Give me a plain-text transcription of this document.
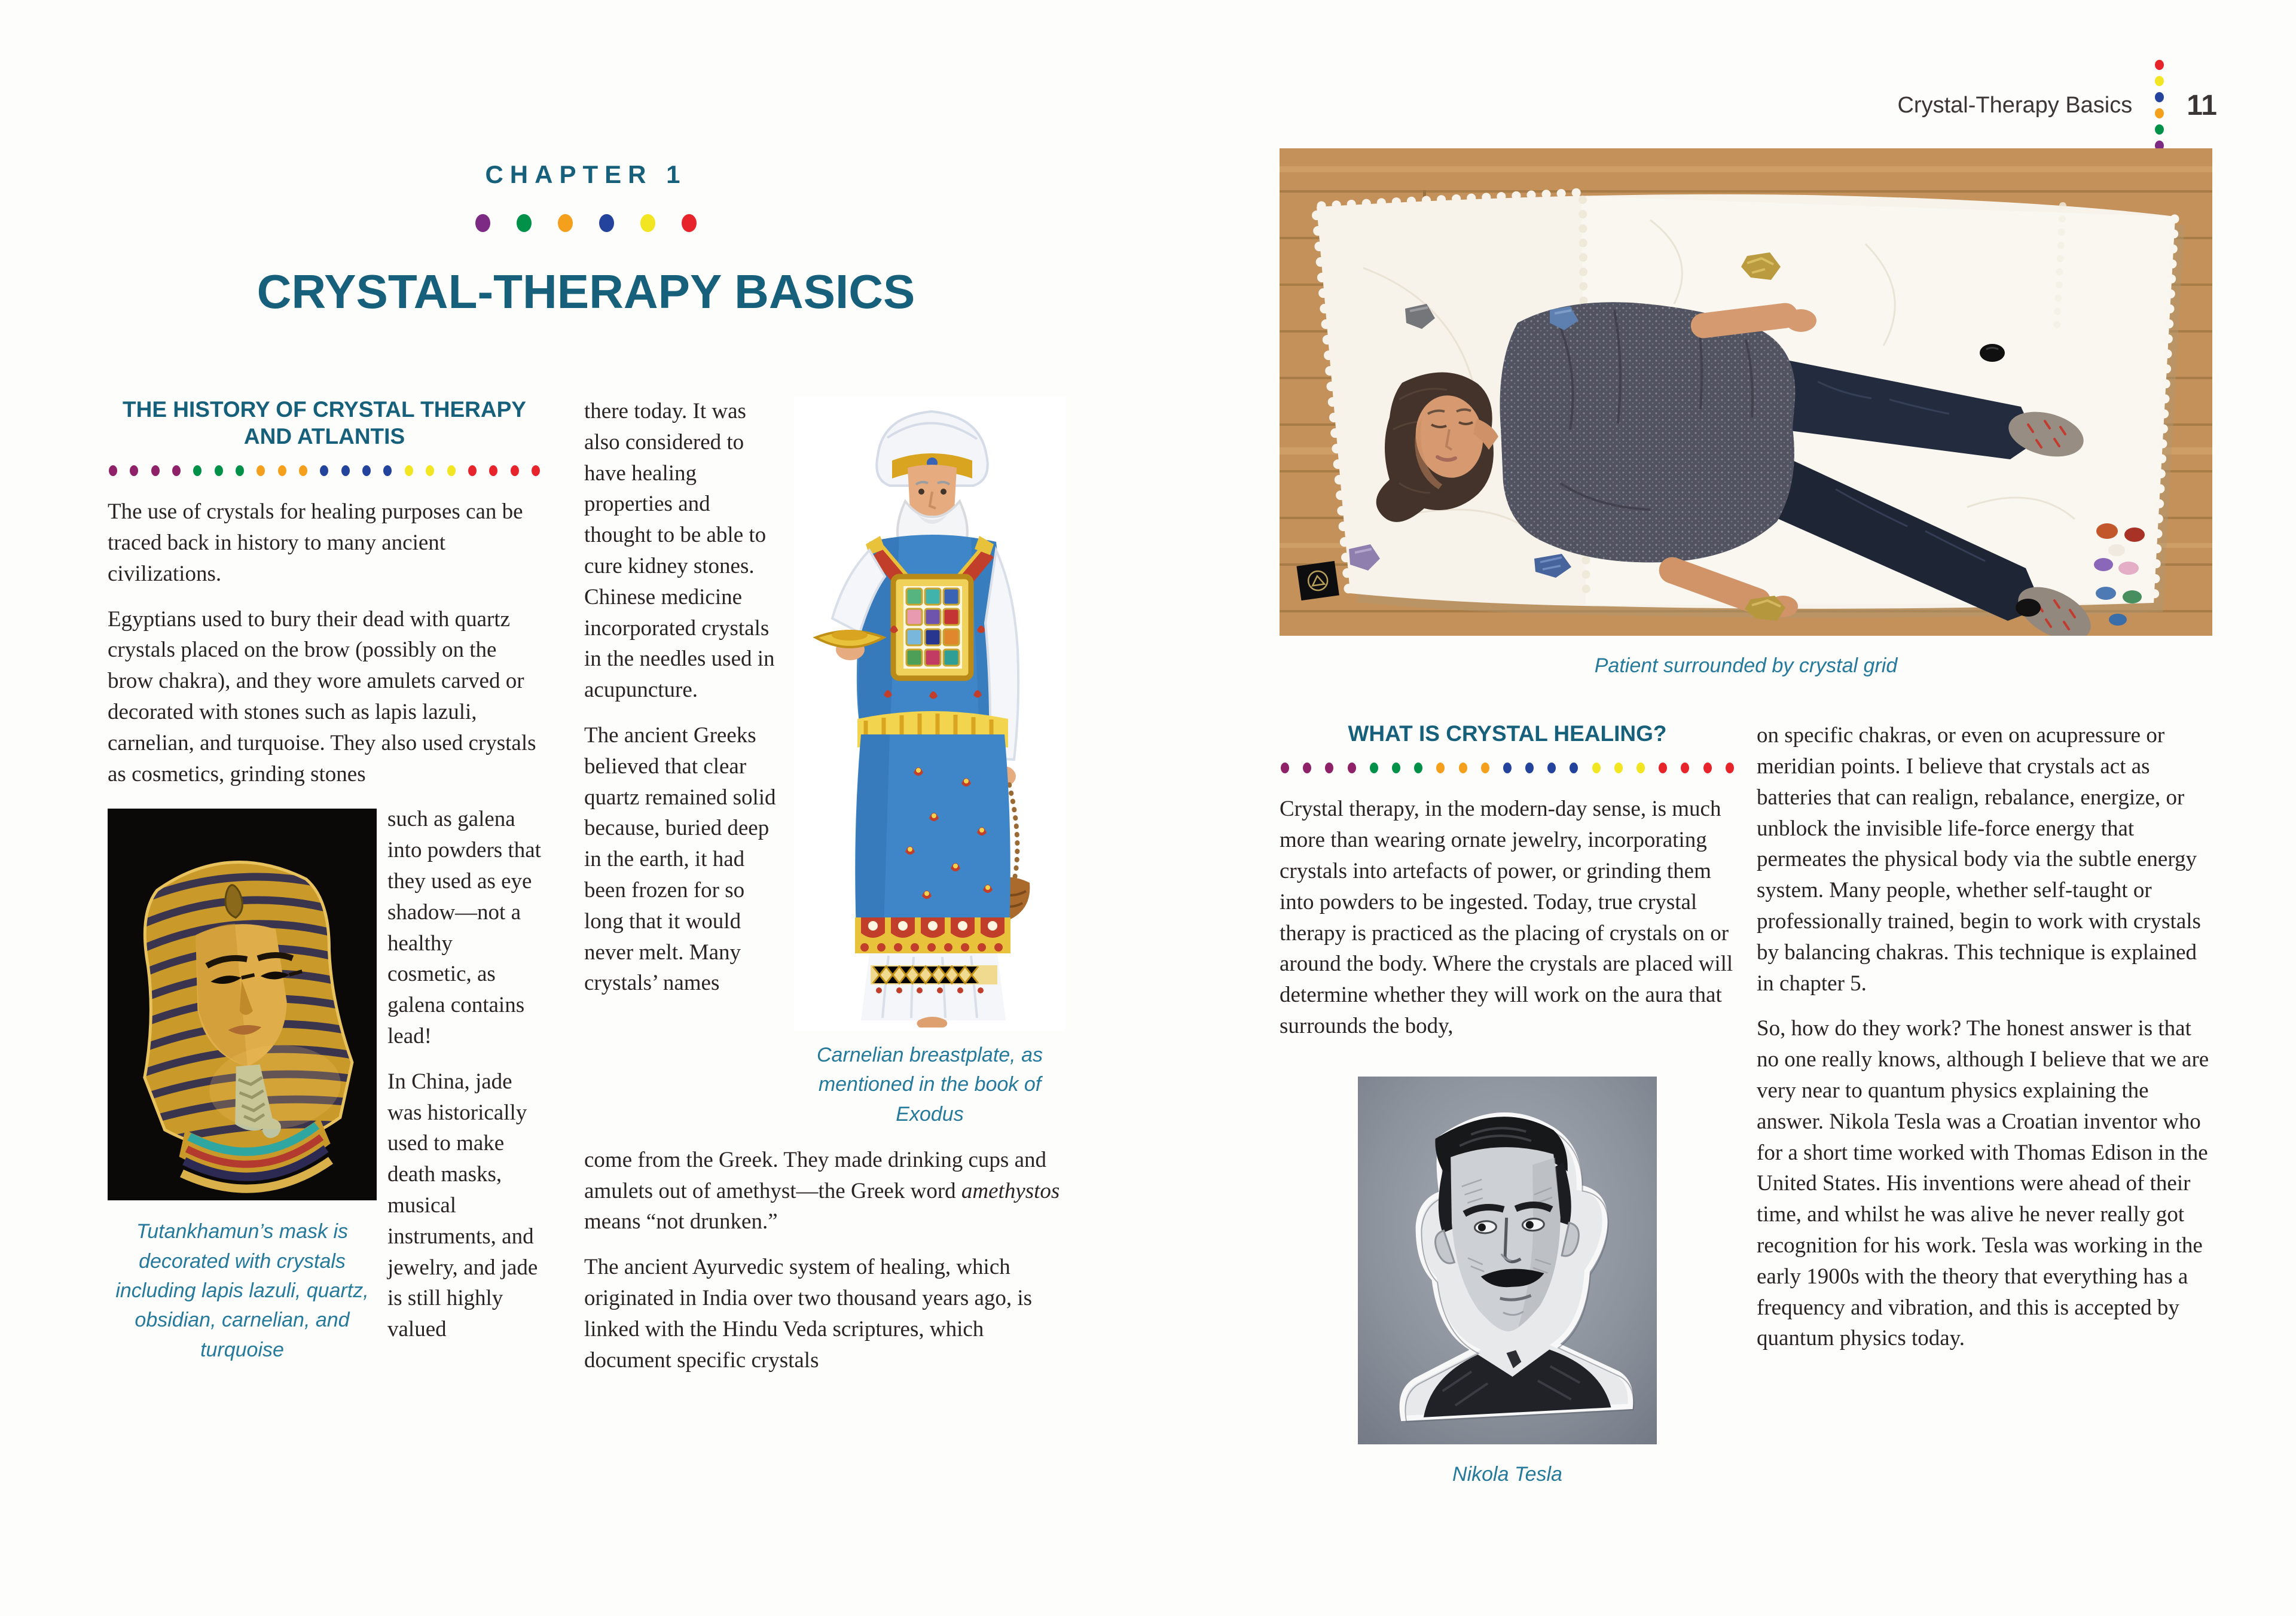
Crystal-Therapy Basics 11
CHAPTER 1
CRYSTAL-THERAPY BASICS
THE HISTORY OF CRYSTAL THERAPY
AND ATLANTIS

The use of crystals for healing purposes can be traced back in history to many ancient civilizations.

Egyptians used to bury their dead with quartz crystals placed on the brow (possibly on the brow chakra), and they wore amulets carved or decorated with stones such as lapis lazuli, carnelian, and turquoise. They also used crystals as cosmetics, grinding stones

Tutankhamun’s mask is decorated with crystals including lapis lazuli, quartz, obsidian, carnelian, and turquoise

such as galena into powders that they used as eye shadow—not a healthy cosmetic, as galena contains lead!

In China, jade was historically used to make death masks, musical instruments, and jewelry, and jade is still highly valued

there today. It was also considered to have healing properties and thought to be able to cure kidney stones. Chinese medicine incorporated crystals in the needles used in acupuncture.

The ancient Greeks believed that clear quartz remained solid because, buried deep in the earth, it had been frozen for so long that it would never melt. Many crystals’ names

Carnelian breastplate, as mentioned in the book of Exodus

come from the Greek. They made drinking cups and amulets out of amethyst—the Greek word amethystos means “not drunken.”

The ancient Ayurvedic system of healing, which originated in India over two thousand years ago, is linked with the Hindu Veda scriptures, which document specific crystals

Patient surrounded by crystal grid
WHAT IS CRYSTAL HEALING?

Crystal therapy, in the modern-day sense, is much more than wearing ornate jewelry, incorporating crystals into artefacts of power, or grinding them into powders to be ingested. Today, true crystal therapy is practiced as the placing of crystals on or around the body. Where the crystals are placed will determine whether they will work on the aura that surrounds the body,

Nikola Tesla

on specific chakras, or even on acupressure or meridian points. I believe that crystals act as batteries that can realign, rebalance, energize, or unblock the invisible life-force energy that permeates the physical body via the subtle energy system. Many people, whether self-taught or professionally trained, begin to work with crystals by balancing chakras. This technique is explained in chapter 5.

So, how do they work? The honest answer is that no one really knows, although I believe that we are very near to quantum physics explaining the answer. Nikola Tesla was a Croatian inventor who for a short time worked with Thomas Edison in the United States. His inventions were ahead of their time, and whilst he was alive he never really got recognition for his work. Tesla was working in the early 1900s with the theory that everything has a frequency and vibration, and this is accepted by quantum physics today.
